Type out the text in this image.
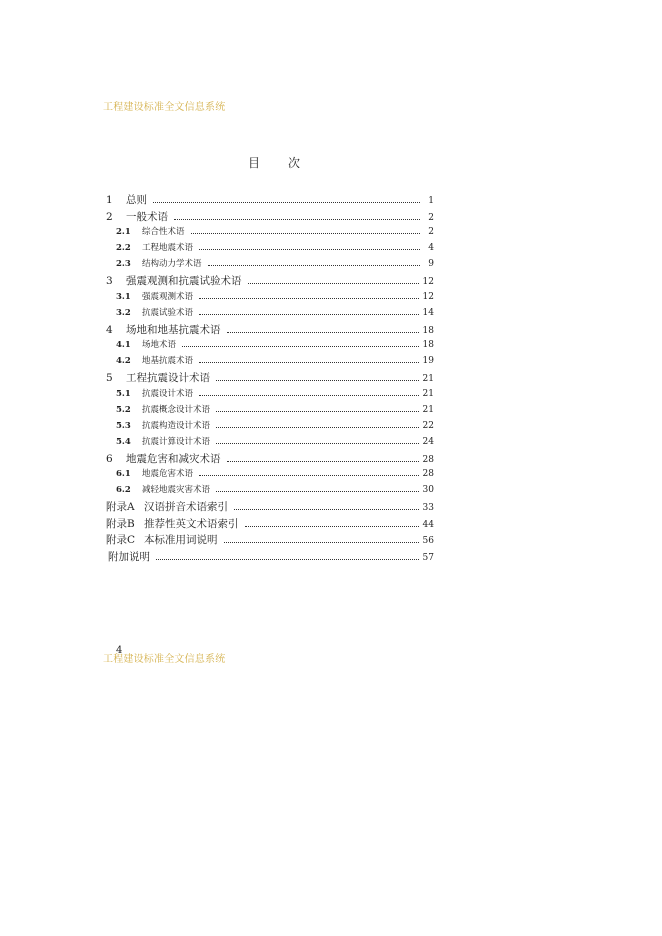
工程建设标准全文信息系统
目 次
1	总则	1
2	一般术语	2
2.1	综合性术语	2
2.2	工程地震术语	4
2.3	结构动力学术语	9
3	强震观测和抗震试验术语	12
3.1	强震观测术语	12
3.2	抗震试验术语	14
4	场地和地基抗震术语	18
4.1	场地术语	18
4.2	地基抗震术语	19
5	工程抗震设计术语	21
5.1	抗震设计术语	21
5.2	抗震概念设计术语	21
5.3	抗震构造设计术语	22
5.4	抗震计算设计术语	24
6	地震危害和减灾术语	28
6.1	地震危害术语	28
6.2	减轻地震灾害术语	30
附录A 汉语拼音术语索引	33
附录B 推荐性英文术语索引	44
附录C 本标准用词说明	56
附加说明	57
工程建设标准全文信息系统
4
